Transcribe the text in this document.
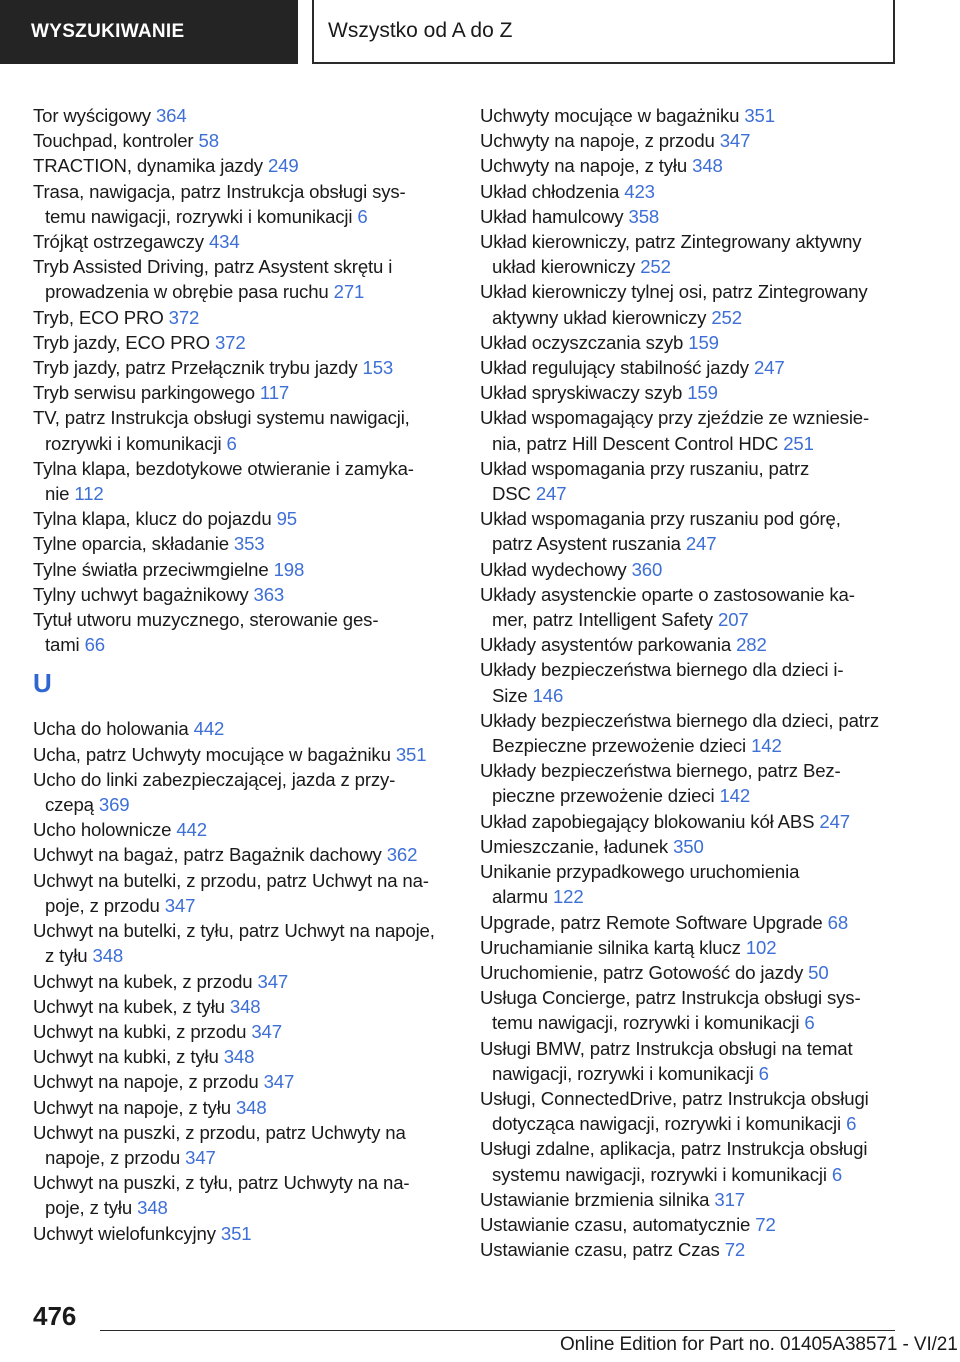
WYSZUKIWANIE	Wszystko od A do Z
Tor wyścigowy 364
Touchpad, kontroler 58
TRACTION, dynamika jazdy 249
Trasa, nawigacja, patrz Instrukcja obsługi sys-
temu nawigacji, rozrywki i komunikacji 6
Trójkąt ostrzegawczy 434
Tryb Assisted Driving, patrz Asystent skrętu i
prowadzenia w obrębie pasa ruchu 271
Tryb, ECO PRO 372
Tryb jazdy, ECO PRO 372
Tryb jazdy, patrz Przełącznik trybu jazdy 153
Tryb serwisu parkingowego 117
TV, patrz Instrukcja obsługi systemu nawigacji,
rozrywki i komunikacji 6
Tylna klapa, bezdotykowe otwieranie i zamyka-
nie 112
Tylna klapa, klucz do pojazdu 95
Tylne oparcia, składanie 353
Tylne światła przeciwmgielne 198
Tylny uchwyt bagażnikowy 363
Tytuł utworu muzycznego, sterowanie ges-
tami 66
U
Ucha do holowania 442
Ucha, patrz Uchwyty mocujące w bagażniku 351
Ucho do linki zabezpieczającej, jazda z przy-
czepą 369
Ucho holownicze 442
Uchwyt na bagaż, patrz Bagażnik dachowy 362
Uchwyt na butelki, z przodu, patrz Uchwyt na na-
poje, z przodu 347
Uchwyt na butelki, z tyłu, patrz Uchwyt na napoje,
z tyłu 348
Uchwyt na kubek, z przodu 347
Uchwyt na kubek, z tyłu 348
Uchwyt na kubki, z przodu 347
Uchwyt na kubki, z tyłu 348
Uchwyt na napoje, z przodu 347
Uchwyt na napoje, z tyłu 348
Uchwyt na puszki, z przodu, patrz Uchwyty na
napoje, z przodu 347
Uchwyt na puszki, z tyłu, patrz Uchwyty na na-
poje, z tyłu 348
Uchwyt wielofunkcyjny 351
Uchwyty mocujące w bagażniku 351
Uchwyty na napoje, z przodu 347
Uchwyty na napoje, z tyłu 348
Układ chłodzenia 423
Układ hamulcowy 358
Układ kierowniczy, patrz Zintegrowany aktywny
układ kierowniczy 252
Układ kierowniczy tylnej osi, patrz Zintegrowany
aktywny układ kierowniczy 252
Układ oczyszczania szyb 159
Układ regulujący stabilność jazdy 247
Układ spryskiwaczy szyb 159
Układ wspomagający przy zjeździe ze wzniesie-
nia, patrz Hill Descent Control HDC 251
Układ wspomagania przy ruszaniu, patrz
DSC 247
Układ wspomagania przy ruszaniu pod górę,
patrz Asystent ruszania 247
Układ wydechowy 360
Układy asystenckie oparte o zastosowanie ka-
mer, patrz Intelligent Safety 207
Układy asystentów parkowania 282
Układy bezpieczeństwa biernego dla dzieci i-
Size 146
Układy bezpieczeństwa biernego dla dzieci, patrz
Bezpieczne przewożenie dzieci 142
Układy bezpieczeństwa biernego, patrz Bez-
pieczne przewożenie dzieci 142
Układ zapobiegający blokowaniu kół ABS 247
Umieszczanie, ładunek 350
Unikanie przypadkowego uruchomienia
alarmu 122
Upgrade, patrz Remote Software Upgrade 68
Uruchamianie silnika kartą klucz 102
Uruchomienie, patrz Gotowość do jazdy 50
Usługa Concierge, patrz Instrukcja obsługi sys-
temu nawigacji, rozrywki i komunikacji 6
Usługi BMW, patrz Instrukcja obsługi na temat
nawigacji, rozrywki i komunikacji 6
Usługi, ConnectedDrive, patrz Instrukcja obsługi
dotycząca nawigacji, rozrywki i komunikacji 6
Usługi zdalne, aplikacja, patrz Instrukcja obsługi
systemu nawigacji, rozrywki i komunikacji 6
Ustawianie brzmienia silnika 317
Ustawianie czasu, automatycznie 72
Ustawianie czasu, patrz Czas 72
476
Online Edition for Part no. 01405A38571 - VI/21
